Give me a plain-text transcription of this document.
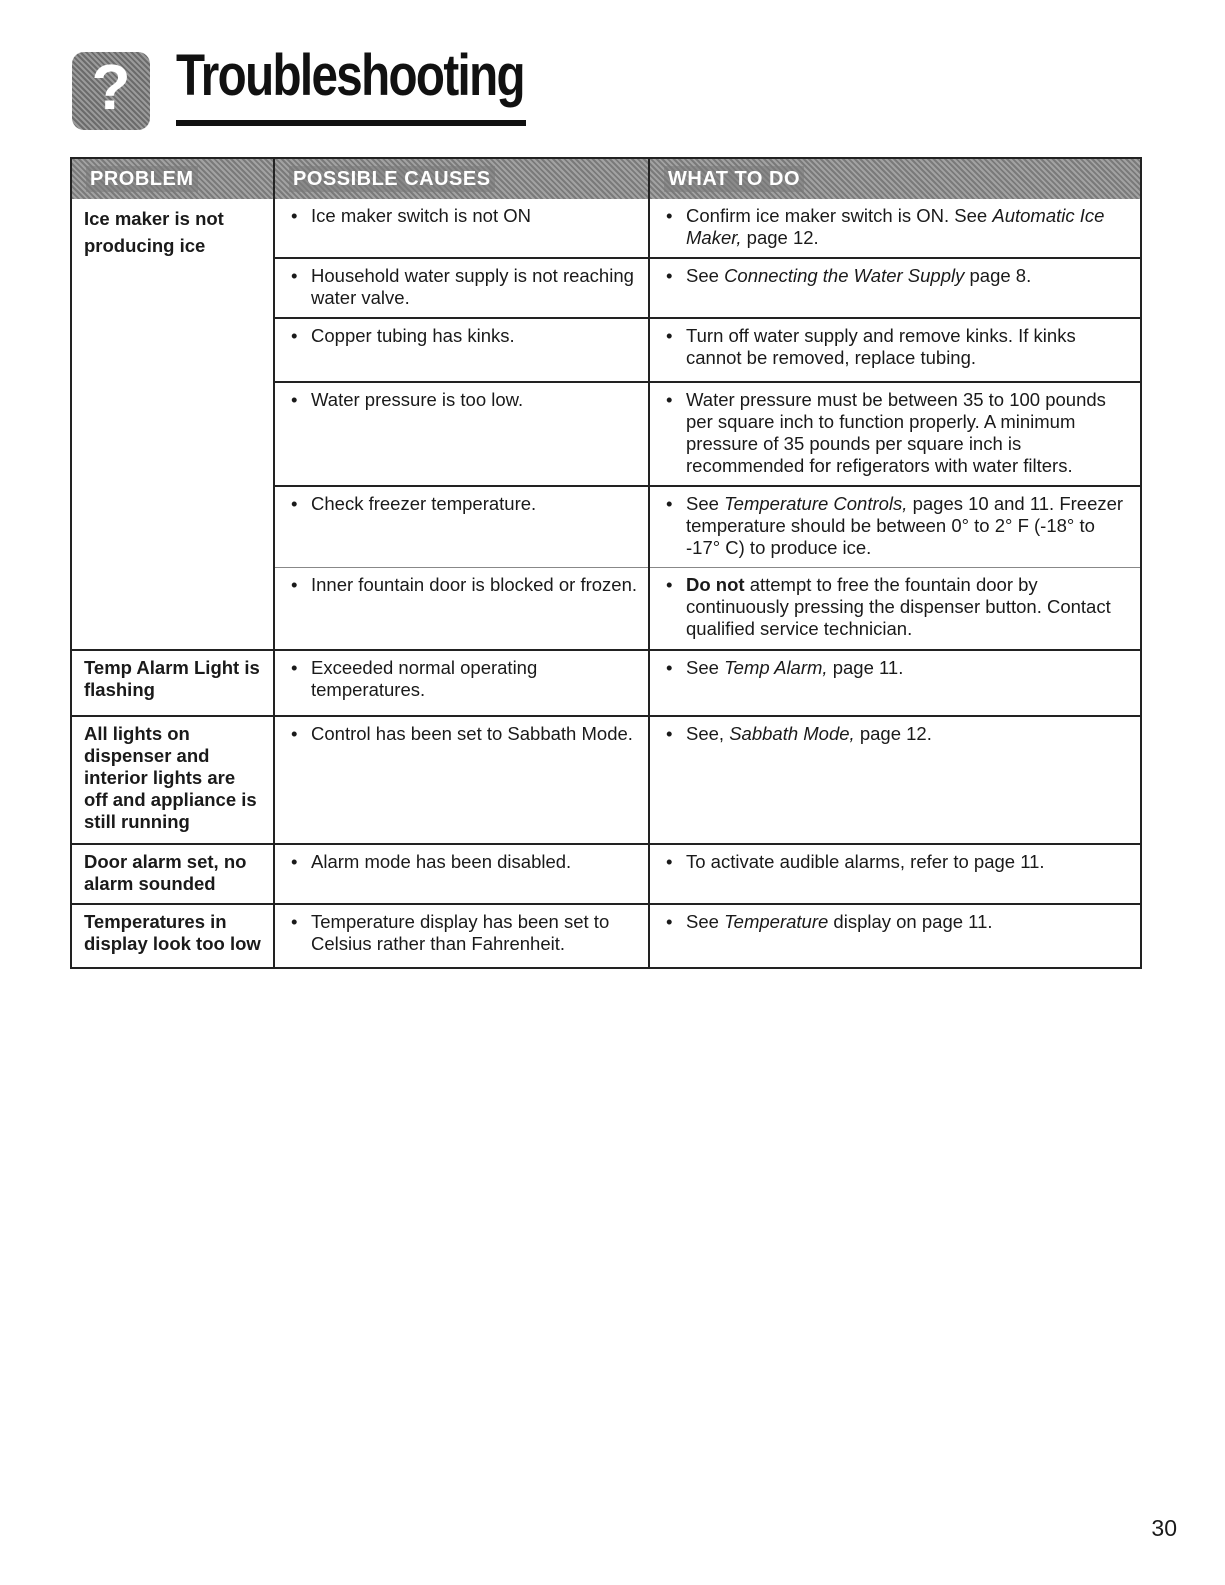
? Troubleshooting
PROBLEM	POSSIBLE CAUSES	WHAT TO DO
Ice maker is not producing ice	• Ice maker switch is not ON	• Confirm ice maker switch is ON. See Automatic Ice Maker, page 12.

	• Household water supply is not reaching water valve.	• See Connecting the Water Supply page 8.

	• Copper tubing has kinks.	• Turn off water supply and remove kinks. If kinks cannot be removed, replace tubing.

	• Water pressure is too low.	• Water pressure must be between 35 to 100 pounds per square inch to function properly. A minimum pressure of 35 pounds per square inch is recommended for refigerators with water filters.

	• Check freezer temperature.	• See Temperature Controls, pages 10 and 11. Freezer temperature should be between 0° to 2° F (-18° to -17° C) to produce ice.

	• Inner fountain door is blocked or frozen.	• Do not attempt to free the fountain door by continuously pressing the dispenser button. Contact qualified service technician.

Temp Alarm Light is flashing	• Exceeded normal operating temperatures.	• See Temp Alarm, page 11.

All lights on dispenser and interior lights are off and appliance is still running	• Control has been set to Sabbath Mode.	• See, Sabbath Mode, page 12.

Door alarm set, no alarm sounded	• Alarm mode has been disabled.	• To activate audible alarms, refer to page 11.

Temperatures in display look too low	• Temperature display has been set to Celsius rather than Fahrenheit.	• See Temperature display on page 11.
30
